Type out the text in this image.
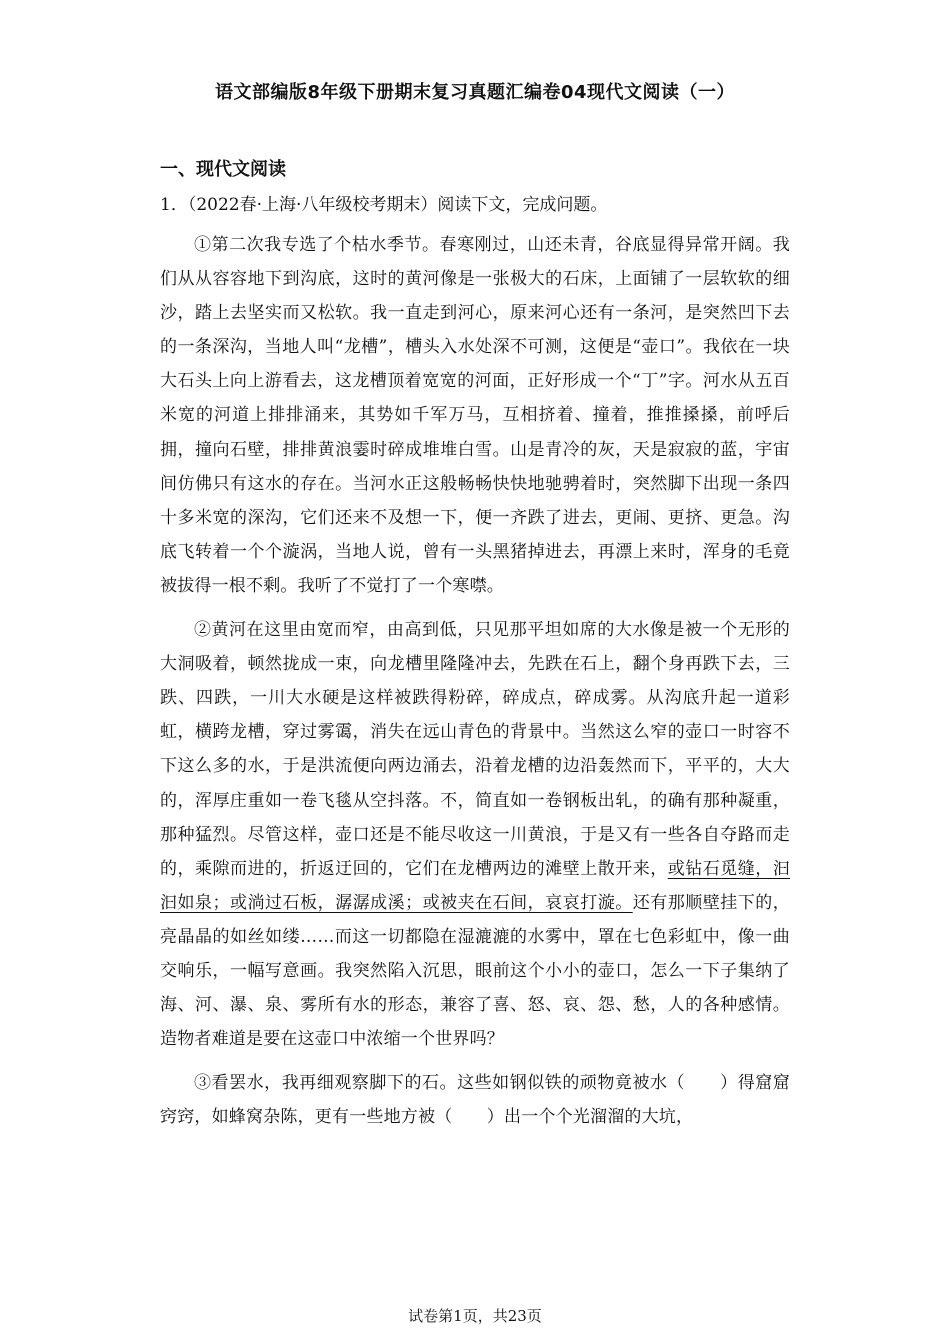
语文部编版8年级下册期末复习真题汇编卷04现代文阅读（一）
一、现代文阅读
1．（2022春·上海·八年级校考期末）阅读下文，完成问题。

①第二次我专选了个枯水季节。春寒刚过，山还未青，谷底显得异常开阔。我们从从容容地下到沟底，这时的黄河像是一张极大的石床，上面铺了一层软软的细沙，踏上去坚实而又松软。我一直走到河心，原来河心还有一条河，是突然凹下去的一条深沟，当地人叫“龙槽”，槽头入水处深不可测，这便是“壶口”。我依在一块大石头上向上游看去，这龙槽顶着宽宽的河面，正好形成一个“丁”字。河水从五百米宽的河道上排排涌来，其势如千军万马，互相挤着、撞着，推推搡搡，前呼后拥，撞向石壁，排排黄浪霎时碎成堆堆白雪。山是青冷的灰，天是寂寂的蓝，宇宙间仿佛只有这水的存在。当河水正这般畅畅快快地驰骋着时，突然脚下出现一条四十多米宽的深沟，它们还来不及想一下，便一齐跌了进去，更闹、更挤、更急。沟底飞转着一个个漩涡，当地人说，曾有一头黑猪掉进去，再漂上来时，浑身的毛竟被拔得一根不剩。我听了不觉打了一个寒噤。

②黄河在这里由宽而窄，由高到低，只见那平坦如席的大水像是被一个无形的大洞吸着，顿然拢成一束，向龙槽里隆隆冲去，先跌在石上，翻个身再跌下去，三跌、四跌，一川大水硬是这样被跌得粉碎，碎成点，碎成雾。从沟底升起一道彩虹，横跨龙槽，穿过雾霭，消失在远山青色的背景中。当然这么窄的壶口一时容不下这么多的水，于是洪流便向两边涌去，沿着龙槽的边沿轰然而下，平平的，大大的，浑厚庄重如一卷飞毯从空抖落。不，简直如一卷钢板出轧，的确有那种凝重，那种猛烈。尽管这样，壶口还是不能尽收这一川黄浪，于是又有一些各自夺路而走的，乘隙而进的，折返迂回的，它们在龙槽两边的滩壁上散开来，或钻石觅缝，汩汩如泉；或淌过石板，潺潺成溪；或被夹在石间，哀哀打漩。还有那顺壁挂下的，亮晶晶的如丝如缕……而这一切都隐在湿漉漉的水雾中，罩在七色彩虹中，像一曲交响乐，一幅写意画。我突然陷入沉思，眼前这个小小的壶口，怎么一下子集纳了海、河、瀑、泉、雾所有水的形态，兼容了喜、怒、哀、怨、愁，人的各种感情。造物者难道是要在这壶口中浓缩一个世界吗？

③看罢水，我再细观察脚下的石。这些如钢似铁的顽物竟被水（　　）得窟窟窍窍，如蜂窝杂陈，更有一些地方被（　　）出一个个光溜溜的大坑，

试卷第1页，共23页
